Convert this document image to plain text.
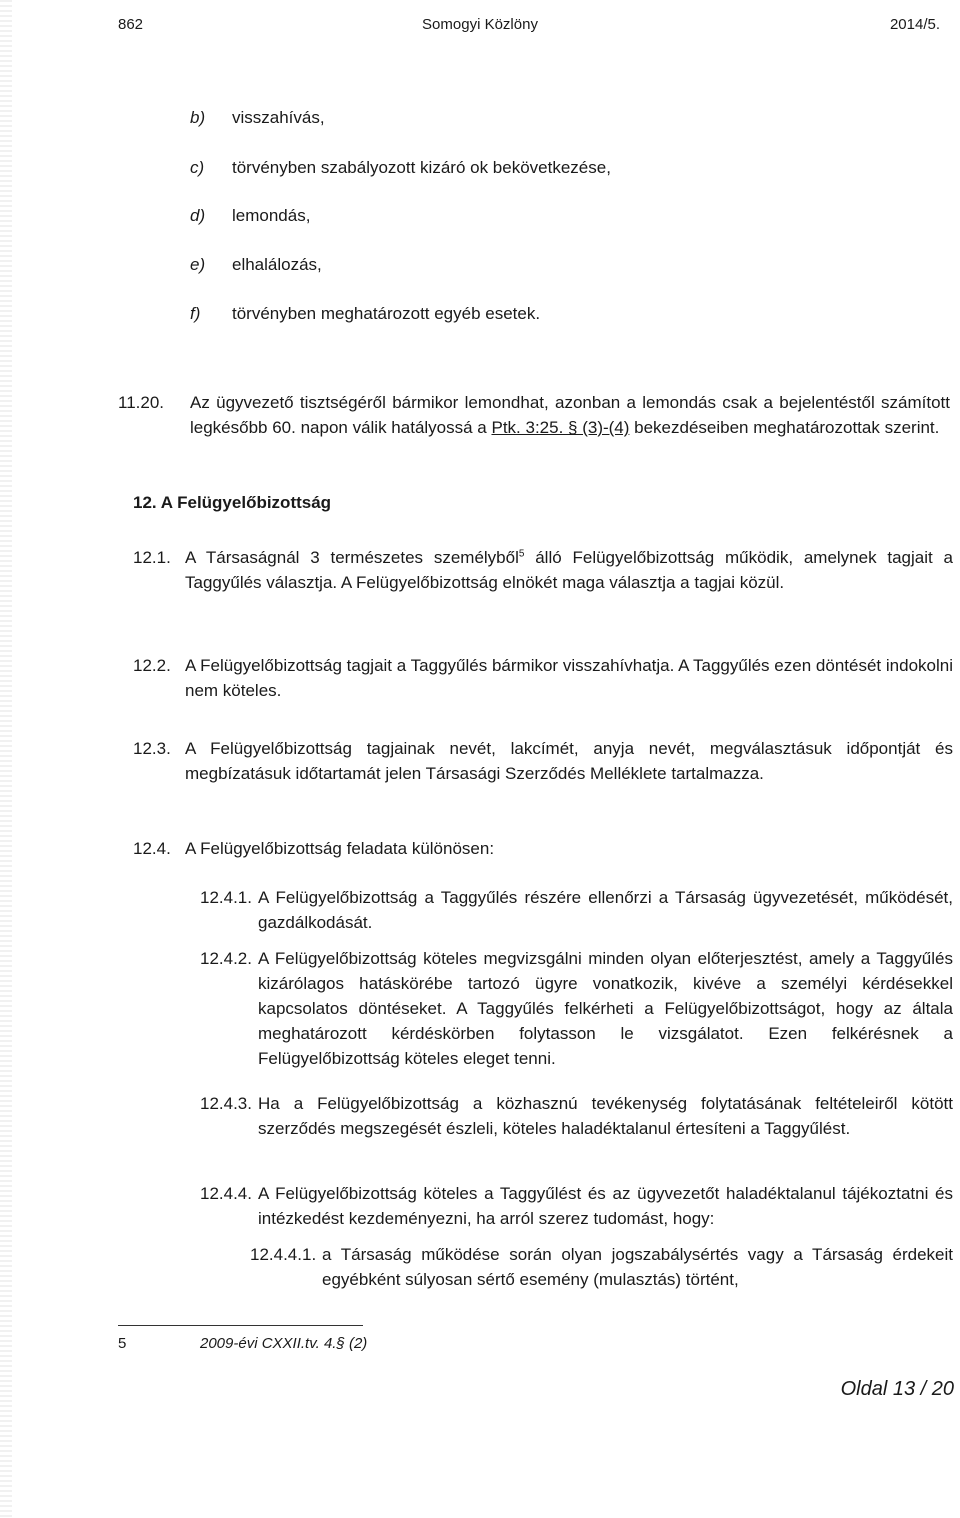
862	Somogyi Közlöny	2014/5.
b) visszahívás,
c) törvényben szabályozott kizáró ok bekövetkezése,
d) lemondás,
e) elhalálozás,
f) törvényben meghatározott egyéb esetek.
11.20.	Az ügyvezető tisztségéről bármikor lemondhat, azonban a lemondás csak a bejelentéstől számított legkésőbb 60. napon válik hatályossá a Ptk. 3:25. § (3)-(4) bekezdéseiben meghatározottak szerint.
12. A Felügyelőbizottság
12.1. A Társaságnál 3 természetes személyből$^5$ álló Felügyelőbizottság működik, amelynek tagjait a Taggyűlés választja. A Felügyelőbizottság elnökét maga választja a tagjai közül.
12.2. A Felügyelőbizottság tagjait a Taggyűlés bármikor visszahívhatja. A Taggyűlés ezen döntését indokolni nem köteles.
12.3. A Felügyelőbizottság tagjainak nevét, lakcímét, anyja nevét, megválasztásuk időpontját és megbízatásuk időtartamát jelen Társasági Szerződés Melléklete tartalmazza.
12.4. A Felügyelőbizottság feladata különösen:
12.4.1. A Felügyelőbizottság a Taggyűlés részére ellenőrzi a Társaság ügyvezetését, működését, gazdálkodását.
12.4.2. A Felügyelőbizottság köteles megvizsgálni minden olyan előterjesztést, amely a Taggyűlés kizárólagos hatáskörébe tartozó ügyre vonatkozik, kivéve a személyi kérdésekkel kapcsolatos döntéseket. A Taggyűlés felkérheti a Felügyelőbizottságot, hogy az általa meghatározott kérdéskörben folytasson le vizsgálatot. Ezen felkérésnek a Felügyelőbizottság köteles eleget tenni.
12.4.3. Ha a Felügyelőbizottság a közhasznú tevékenység folytatásának feltételeiről kötött szerződés megszegését észleli, köteles haladéktalanul értesíteni a Taggyűlést.
12.4.4. A Felügyelőbizottság köteles a Taggyűlést és az ügyvezetőt haladéktalanul tájékoztatni és intézkedést kezdeményezni, ha arról szerez tudomást, hogy:
12.4.4.1. a Társaság működése során olyan jogszabálysértés vagy a Társaság érdekeit egyébként súlyosan sértő esemény (mulasztás) történt,
5	2009-évi CXXII.tv. 4.§ (2)
Oldal 13 / 20
